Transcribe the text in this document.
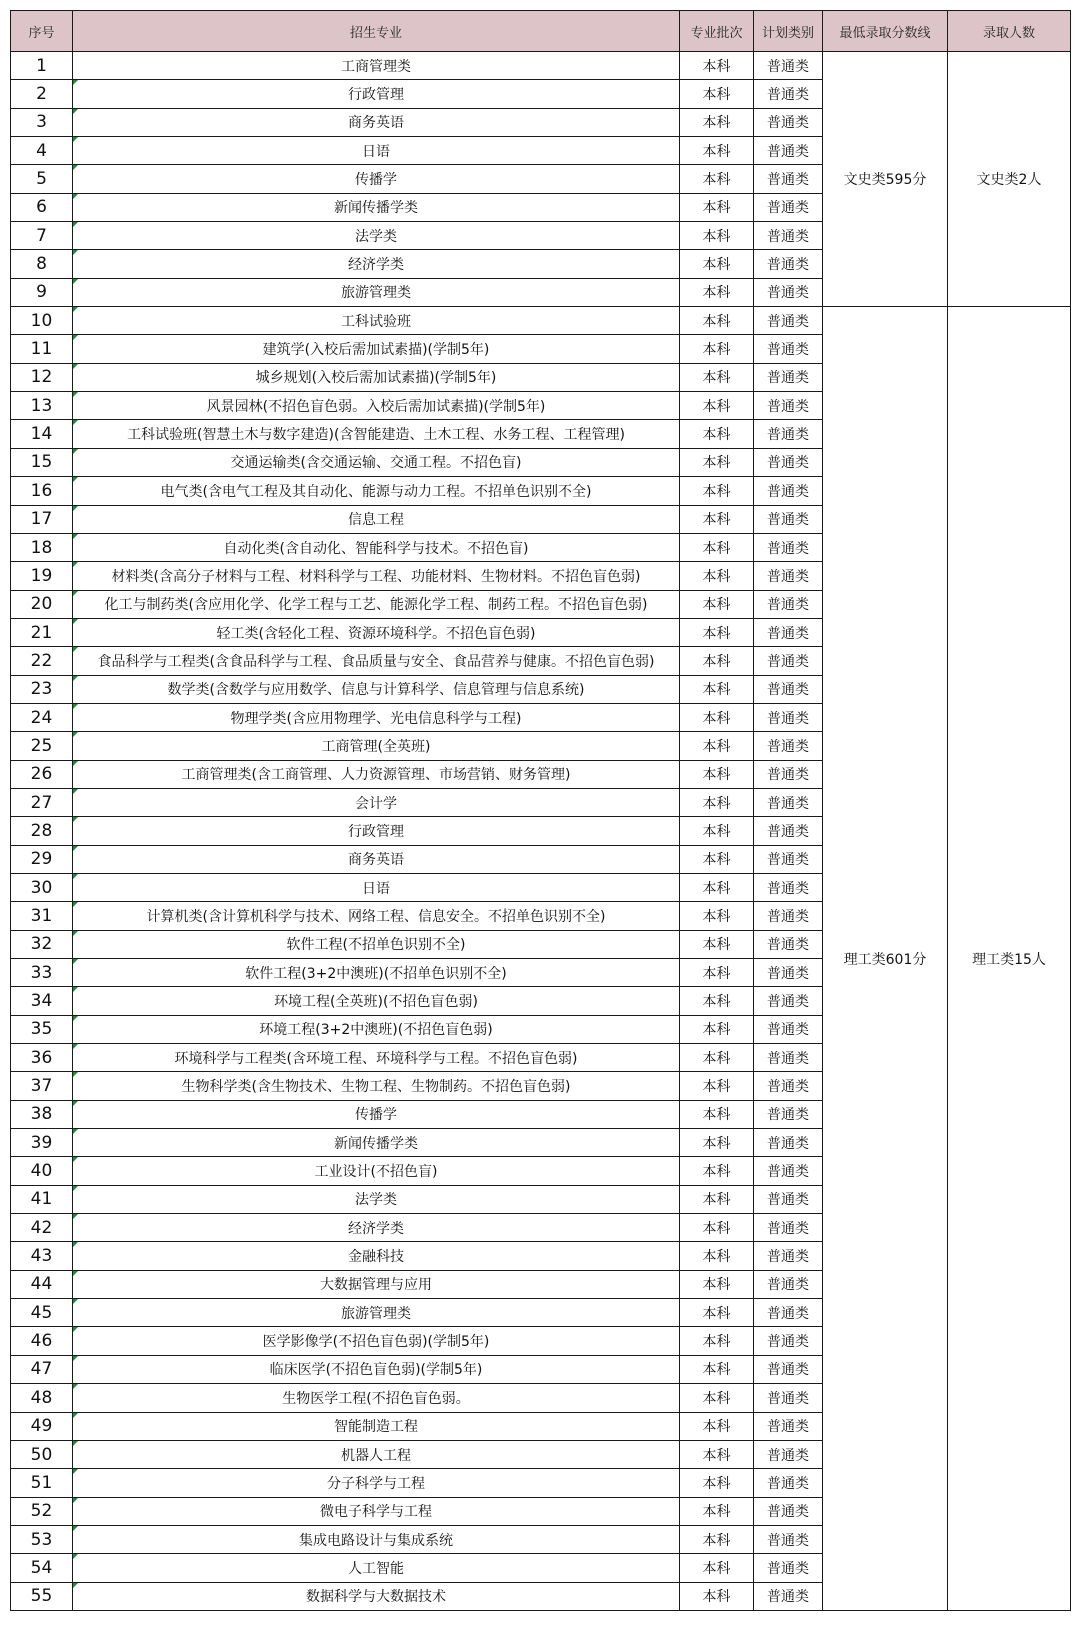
序号	招生专业	专业批次	计划类别	最低录取分数线	录取人数
1	工商管理类	本科	普通类	文史类595分	文史类2人
2	行政管理	本科	普通类		
3	商务英语	本科	普通类		
4	日语	本科	普通类		
5	传播学	本科	普通类		
6	新闻传播学类	本科	普通类		
7	法学类	本科	普通类		
8	经济学类	本科	普通类		
9	旅游管理类	本科	普通类		
10	工科试验班	本科	普通类	理工类601分	理工类15人
11	建筑学(入校后需加试素描)(学制5年)	本科	普通类		
12	城乡规划(入校后需加试素描)(学制5年)	本科	普通类		
13	风景园林(不招色盲色弱。入校后需加试素描)(学制5年)	本科	普通类		
14	工科试验班(智慧土木与数字建造)(含智能建造、土木工程、水务工程、工程管理)	本科	普通类		
15	交通运输类(含交通运输、交通工程。不招色盲)	本科	普通类		
16	电气类(含电气工程及其自动化、能源与动力工程。不招单色识别不全)	本科	普通类		
17	信息工程	本科	普通类		
18	自动化类(含自动化、智能科学与技术。不招色盲)	本科	普通类		
19	材料类(含高分子材料与工程、材料科学与工程、功能材料、生物材料。不招色盲色弱)	本科	普通类		
20	化工与制药类(含应用化学、化学工程与工艺、能源化学工程、制药工程。不招色盲色弱)	本科	普通类		
21	轻工类(含轻化工程、资源环境科学。不招色盲色弱)	本科	普通类		
22	食品科学与工程类(含食品科学与工程、食品质量与安全、食品营养与健康。不招色盲色弱)	本科	普通类		
23	数学类(含数学与应用数学、信息与计算科学、信息管理与信息系统)	本科	普通类		
24	物理学类(含应用物理学、光电信息科学与工程)	本科	普通类		
25	工商管理(全英班)	本科	普通类		
26	工商管理类(含工商管理、人力资源管理、市场营销、财务管理)	本科	普通类		
27	会计学	本科	普通类		
28	行政管理	本科	普通类		
29	商务英语	本科	普通类		
30	日语	本科	普通类		
31	计算机类(含计算机科学与技术、网络工程、信息安全。不招单色识别不全)	本科	普通类		
32	软件工程(不招单色识别不全)	本科	普通类		
33	软件工程(3+2中澳班)(不招单色识别不全)	本科	普通类		
34	环境工程(全英班)(不招色盲色弱)	本科	普通类		
35	环境工程(3+2中澳班)(不招色盲色弱)	本科	普通类		
36	环境科学与工程类(含环境工程、环境科学与工程。不招色盲色弱)	本科	普通类		
37	生物科学类(含生物技术、生物工程、生物制药。不招色盲色弱)	本科	普通类		
38	传播学	本科	普通类		
39	新闻传播学类	本科	普通类		
40	工业设计(不招色盲)	本科	普通类		
41	法学类	本科	普通类		
42	经济学类	本科	普通类		
43	金融科技	本科	普通类		
44	大数据管理与应用	本科	普通类		
45	旅游管理类	本科	普通类		
46	医学影像学(不招色盲色弱)(学制5年)	本科	普通类		
47	临床医学(不招色盲色弱)(学制5年)	本科	普通类		
48	生物医学工程(不招色盲色弱。	本科	普通类		
49	智能制造工程	本科	普通类		
50	机器人工程	本科	普通类		
51	分子科学与工程	本科	普通类		
52	微电子科学与工程	本科	普通类		
53	集成电路设计与集成系统	本科	普通类		
54	人工智能	本科	普通类		
55	数据科学与大数据技术	本科	普通类		
